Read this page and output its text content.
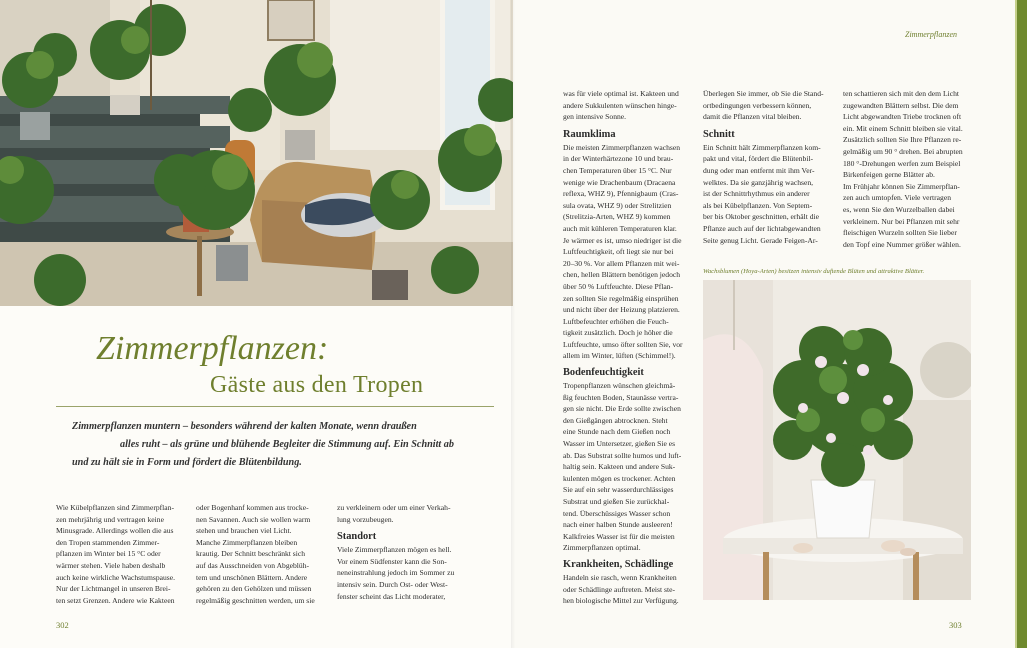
Zimmerpflanzen:
Gäste aus den Tropen
Zimmerpflanzen muntern – besonders während der kalten Monate, wenn draußen
alles ruht – als grüne und blühende Begleiter die Stimmung auf. Ein Schnitt ab
und zu hält sie in Form und fördert die Blütenbildung.
Wie Kübelpflanzen sind Zimmerpflan-
zen mehrjährig und vertragen keine
Minusgrade. Allerdings wollen die aus
den Tropen stammenden Zimmer-
pflanzen im Winter bei 15 °C oder
wärmer stehen. Viele haben deshalb
auch keine wirkliche Wachstumspause.
Nur der Lichtmangel in unseren Brei-
ten setzt Grenzen. Andere wie Kakteen
oder Bogenhanf kommen aus trocke-
nen Savannen. Auch sie wollen warm
stehen und brauchen viel Licht.
Manche Zimmerpflanzen bleiben
krautig. Der Schnitt beschränkt sich
auf das Ausschneiden von Abgeblüh-
tem und unschönen Blättern. Andere
gehören zu den Gehölzen und müssen
regelmäßig geschnitten werden, um sie
zu verkleinern oder um einer Verkah-
lung vorzubeugen.
Standort
Viele Zimmerpflanzen mögen es hell.
Vor einem Südfenster kann die Son-
neneinstrahlung jedoch im Sommer zu
intensiv sein. Durch Ost- oder West-
fenster scheint das Licht moderater,
302
Zimmerpflanzen
was für viele optimal ist. Kakteen und
andere Sukkulenten wünschen hinge-
gen intensive Sonne.
Raumklima
Die meisten Zimmerpflanzen wachsen
in der Winterhärtezone 10 und brau-
chen Temperaturen über 15 °C. Nur
wenige wie Drachenbaum (Dracaena
reflexa, WHZ 9), Pfennigbaum (Cras-
sula ovata, WHZ 9) oder Strelitzien
(Strelitzia-Arten, WHZ 9) kommen
auch mit kühleren Temperaturen klar.
Je wärmer es ist, umso niedriger ist die
Luftfeuchtigkeit, oft liegt sie nur bei
20–30 %. Vor allem Pflanzen mit wei-
chen, hellen Blättern benötigen jedoch
über 50 % Luftfeuchte. Diese Pflan-
zen sollten Sie regelmäßig einsprühen
und nicht über der Heizung platzieren.
Luftbefeuchter erhöhen die Feuch-
tigkeit zusätzlich. Doch je höher die
Luftfeuchte, umso öfter sollten Sie, vor
allem im Winter, lüften (Schimmel!).
Bodenfeuchtigkeit
Tropenpflanzen wünschen gleichmä-
ßig feuchten Boden, Staunässe vertra-
gen sie nicht. Die Erde sollte zwischen
den Gießgängen abtrocknen. Steht
eine Stunde nach dem Gießen noch
Wasser im Untersetzer, gießen Sie es
ab. Das Substrat sollte humos und luft-
haltig sein. Kakteen und andere Suk-
kulenten mögen es trockener. Achten
Sie auf ein sehr wasserdurchlässiges
Substrat und gießen Sie zurückhal-
tend. Überschüssiges Wasser schon
nach einer halben Stunde ausleeren!
Kalkfreies Wasser ist für die meisten
Zimmerpflanzen optimal.
Krankheiten, Schädlinge
Handeln sie rasch, wenn Krankheiten
oder Schädlinge auftreten. Meist ste-
hen biologische Mittel zur Verfügung.
Überlegen Sie immer, ob Sie die Stand-
ortbedingungen verbessern können,
damit die Pflanzen vital bleiben.
Schnitt
Ein Schnitt hält Zimmerpflanzen kom-
pakt und vital, fördert die Blütenbil-
dung oder man entfernt mit ihm Ver-
welktes. Da sie ganzjährig wachsen,
ist der Schnittrhythmus ein anderer
als bei Kübelpflanzen. Von Septem-
ber bis Oktober geschnitten, erhält die
Pflanze auch auf der lichtabgewandten
Seite genug Licht. Gerade Feigen-Ar-
ten schattieren sich mit den dem Licht
zugewandten Blättern selbst. Die dem
Licht abgewandten Triebe trocknen oft
ein. Mit einem Schnitt bleiben sie vital.
Zusätzlich sollten Sie Ihre Pflanzen re-
gelmäßig um 90 ° drehen. Bei abrupten
180 °-Drehungen werfen zum Beispiel
Birkenfeigen gerne Blätter ab.
Im Frühjahr können Sie Zimmerpflan-
zen auch umtopfen. Viele vertragen
es, wenn Sie den Wurzelballen dabei
verkleinern. Nur bei Pflanzen mit sehr
fleischigen Wurzeln sollten Sie lieber
den Topf eine Nummer größer wählen.
Wachsblumen (Hoya-Arten) besitzen intensiv duftende Blüten und attraktive Blätter.
303
